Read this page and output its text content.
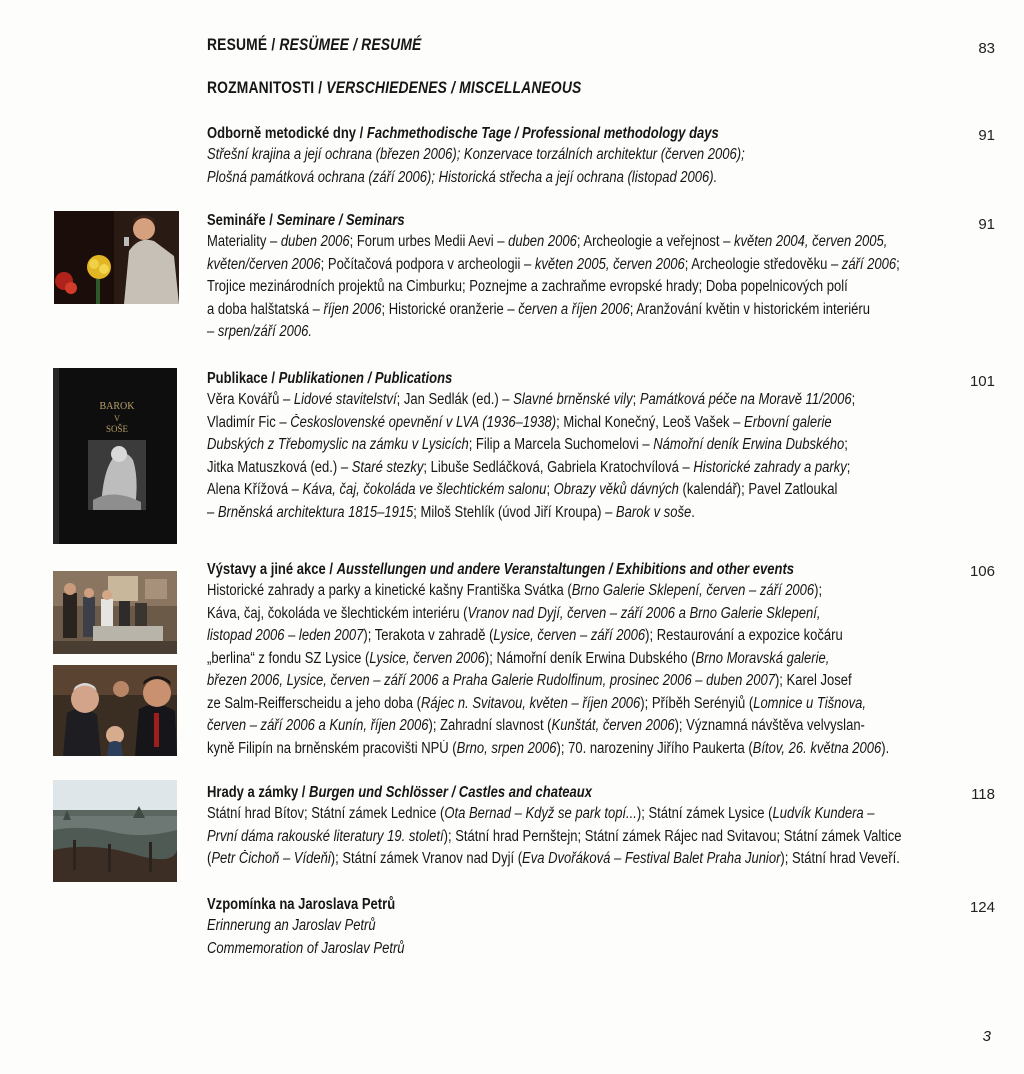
RESUMÉ / RESÜMEE / RESUMÉ	83
ROZMANITOSTI / VERSCHIEDENES / MISCELLANEOUS
Odborně metodické dny / Fachmethodische Tage / Professional methodology days
Střešní krajina a její ochrana (březen 2006); Konzervace torzálních architektur (červen 2006);
Plošná památková ochrana (září 2006); Historická střecha a její ochrana (listopad 2006).
91
Semináře / Seminare / Seminars
Materiality – duben 2006; Forum urbes Medii Aevi – duben 2006; Archeologie a veřejnost – květen 2004, červen 2005,
květen/červen 2006; Počítačová podpora v archeologii – květen 2005, červen 2006; Archeologie středověku – září 2006;
Trojice mezinárodních projektů na Cimburku; Poznejme a zachraňme evropské hrady; Doba popelnicových polí
a doba halštatská – říjen 2006; Historické oranžerie – červen a říjen 2006; Aranžování květin v historickém interiéru
– srpen/září 2006.
91
BAROK
V
SOŠE
Publikace / Publikationen / Publications
Věra Kovářů – Lidové stavitelství; Jan Sedlák (ed.) – Slavné brněnské vily; Památková péče na Moravě 11/2006;
Vladimír Fic – Československé opevnění v LVA (1936–1938); Michal Konečný, Leoš Vašek – Erbovní galerie
Dubských z Třebomyslic na zámku v Lysicích; Filip a Marcela Suchomelovi – Námořní deník Erwina Dubského;
Jitka Matuszková (ed.) – Staré stezky; Libuše Sedláčková, Gabriela Kratochvílová – Historické zahrady a parky;
Alena Křížová – Káva, čaj, čokoláda ve šlechtickém salonu; Obrazy věků dávných (kalendář); Pavel Zatloukal
– Brněnská architektura 1815–1915; Miloš Stehlík (úvod Jiří Kroupa) – Barok v soše.
101
Výstavy a jiné akce / Ausstellungen und andere Veranstaltungen / Exhibitions and other events
Historické zahrady a parky a kinetické kašny Františka Svátka (Brno Galerie Sklepení, červen – září 2006);
Káva, čaj, čokoláda ve šlechtickém interiéru (Vranov nad Dyjí, červen – září 2006 a Brno Galerie Sklepení,
listopad 2006 – leden 2007); Terakota v zahradě (Lysice, červen – září 2006); Restaurování a expozice kočáru
„berlina“ z fondu SZ Lysice (Lysice, červen 2006); Námořní deník Erwina Dubského (Brno Moravská galerie,
březen 2006, Lysice, červen – září 2006 a Praha Galerie Rudolfinum, prosinec 2006 – duben 2007); Karel Josef
ze Salm-Reifferscheidu a jeho doba (Rájec n. Svitavou, květen – říjen 2006); Příběh Serényiů (Lomnice u Tišnova,
červen – září 2006 a Kunín, říjen 2006); Zahradní slavnost (Kunštát, červen 2006); Významná návštěva velvyslan-
kyně Filipín na brněnském pracovišti NPÚ (Brno, srpen 2006); 70. narozeniny Jiřího Paukerta (Bítov, 26. května 2006).
106
Hrady a zámky / Burgen und Schlösser / Castles and chateaux
Státní hrad Bítov; Státní zámek Lednice (Ota Bernad – Když se park topí...); Státní zámek Lysice (Ludvík Kundera –
První dáma rakouské literatury 19. století); Státní hrad Pernštejn; Státní zámek Rájec nad Svitavou; Státní zámek Valtice
(Petr Čichoň – Vídeňi); Státní zámek Vranov nad Dyjí (Eva Dvořáková – Festival Balet Praha Junior); Státní hrad Veveří.
118
Vzpomínka na Jaroslava Petrů
Erinnerung an Jaroslav Petrů
Commemoration of Jaroslav Petrů
124
3
